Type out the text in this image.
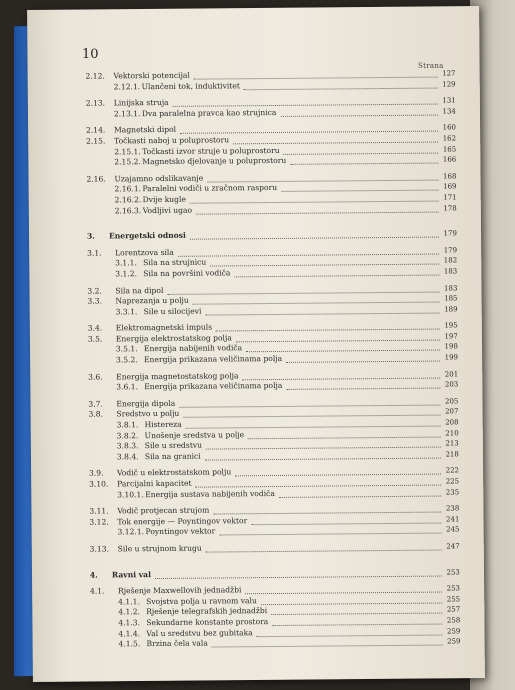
10
Strana
2.12. Vektorski potencijal	127
2.12.1. Ulančeni tok, induktivitet	129
2.13. Linijska struja	131
2.13.1. Dva paralelna pravca kao strujnica	134
2.14. Magnetski dipol	160
2.15. Točkasti naboj u poluprostoru	162
2.15.1. Točkasti izvor struje u poluprostoru	165
2.15.2. Magnetsko djelovanje u poluprostoru	166
2.16. Uzajamno odslikavanje	168
2.16.1. Paralelni vodiči u zračnom rasporu	169
2.16.2. Dvije kugle	171
2.16.3. Vodljivi ugao	178
3. Energetski odnosi	179
3.1. Lorentzova sila	179
3.1.1. Sila na strujnicu	182
3.1.2. Sila na površini vodiča	183
3.2. Sila na dipol	183
3.3. Naprezanja u polju	185
3.3.1. Sile u silocijevi	189
3.4. Elektromagnetski impuls	195
3.5. Energija elektrostatskog polja	197
3.5.1. Energija nabijenih vodiča	198
3.5.2. Energija prikazana veličinama polja	199
3.6. Energija magnetostatskog polja	201
3.6.1. Energija prikazana veličinama polja	203
3.7. Energija dipola	205
3.8. Sredstvo u polju	207
3.8.1. Histereza	208
3.8.2. Unošenje sredstva u polje	210
3.8.3. Sile u sredstvu	213
3.8.4. Sila na granici	218
3.9. Vodič u elektrostatskom polju	222
3.10. Parcijalni kapacitet	225
3.10.1. Energija sustava nabijenih vodiča	235
3.11. Vodič protjecan strujom	238
3.12. Tok energije — Poyntingov vektor	241
3.12.1. Poyntingov vektor	245
3.13. Sile u strujnom krugu	247
4. Ravni val	253
4.1. Rješenje Maxwellovih jednadžbi	253
4.1.1. Svojstva polja u ravnom valu	255
4.1.2. Rješenje telegrafskih jednadžbi	257
4.1.3. Sekundarne konstante prostora	258
4.1.4. Val u sredstvu bez gubitaka	259
4.1.5. Brzina čela vala	259
